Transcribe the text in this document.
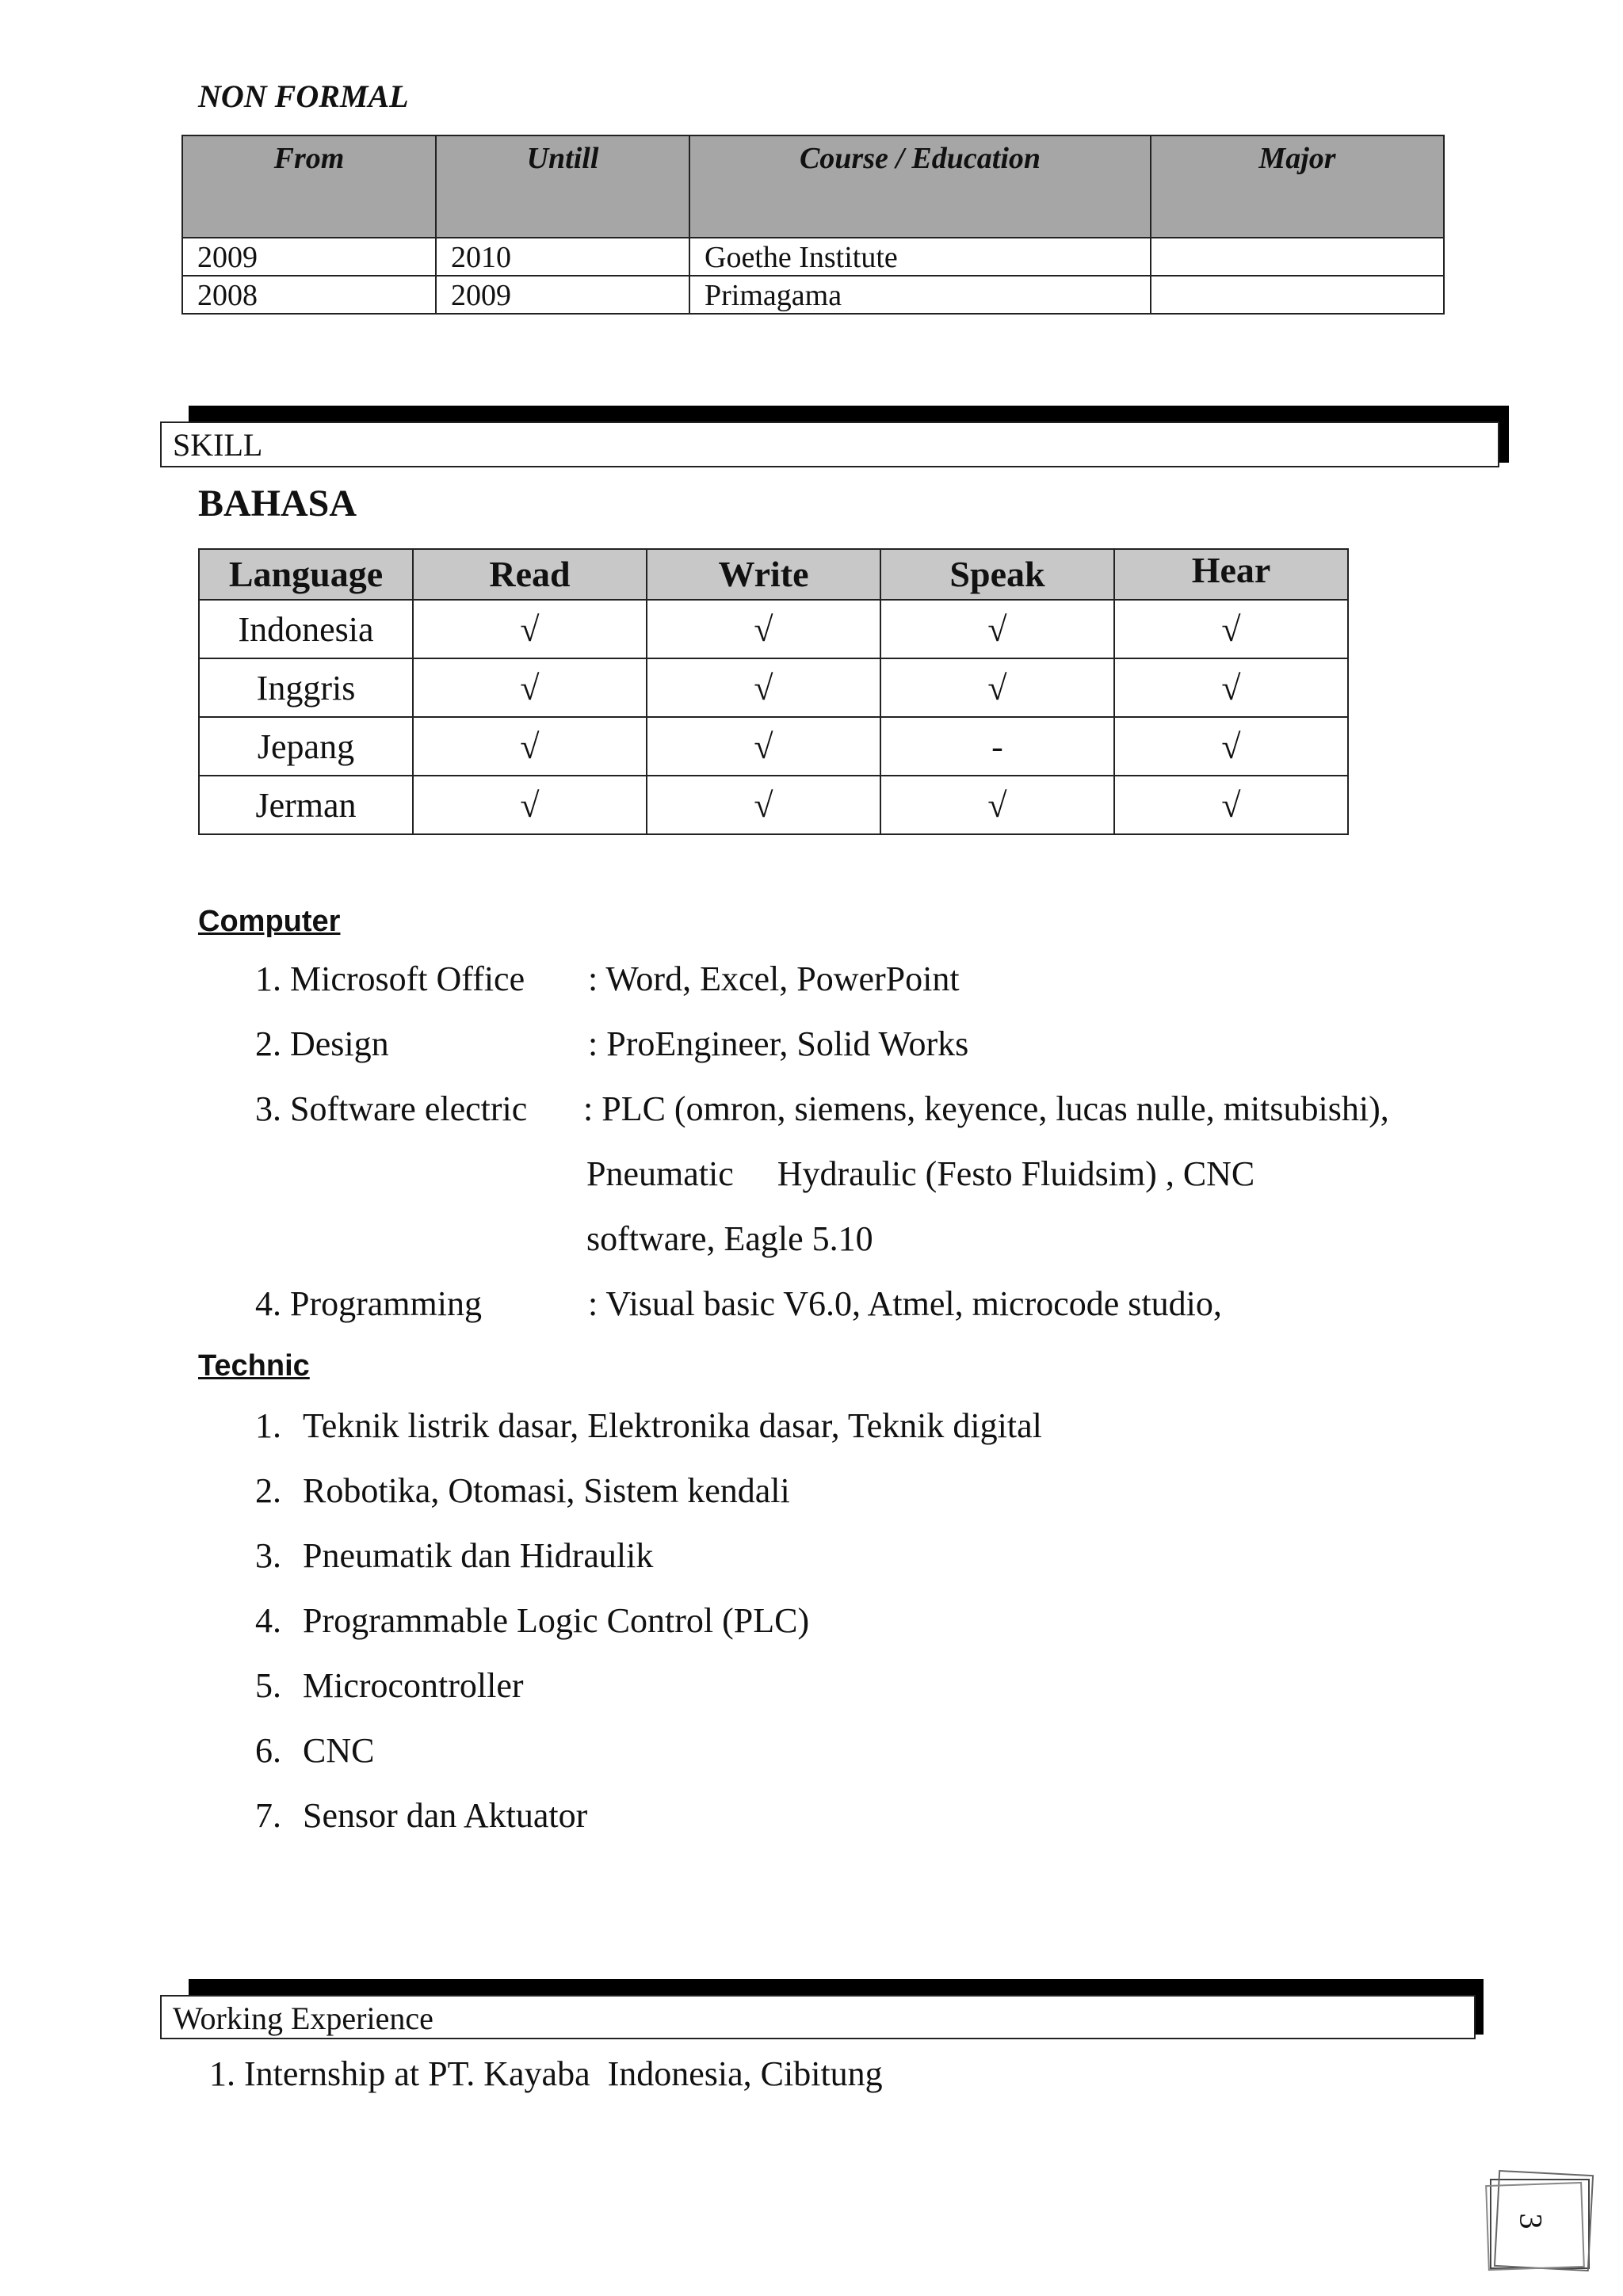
NON FORMAL
From	Untill	Course / Education	Major
2009	2010	Goethe Institute	
2008	2009	Primagama	
SKILL
BAHASA
Language	Read	Write	Speak	Hear
Indonesia	√	√	√	√
Inggris	√	√	√	√
Jepang	√	√	-	√
Jerman	√	√	√	√
Computer
1. Microsoft Office : Word, Excel, PowerPoint
2. Design	: ProEngineer, Solid Works
3. Software electric : PLC (omron, siemens, keyence, lucas nulle, mitsubishi),
Pneumatic     Hydraulic (Festo Fluidsim) , CNC
software, Eagle 5.10
4. Programming	: Visual basic V6.0, Atmel, microcode studio,
Technic
1. Teknik listrik dasar, Elektronika dasar, Teknik digital
2. Robotika, Otomasi, Sistem kendali
3. Pneumatik dan Hidraulik
4. Programmable Logic Control (PLC)
5. Microcontroller
6. CNC
7. Sensor dan Aktuator
Working Experience
1. Internship at PT. Kayaba  Indonesia, Cibitung
3
